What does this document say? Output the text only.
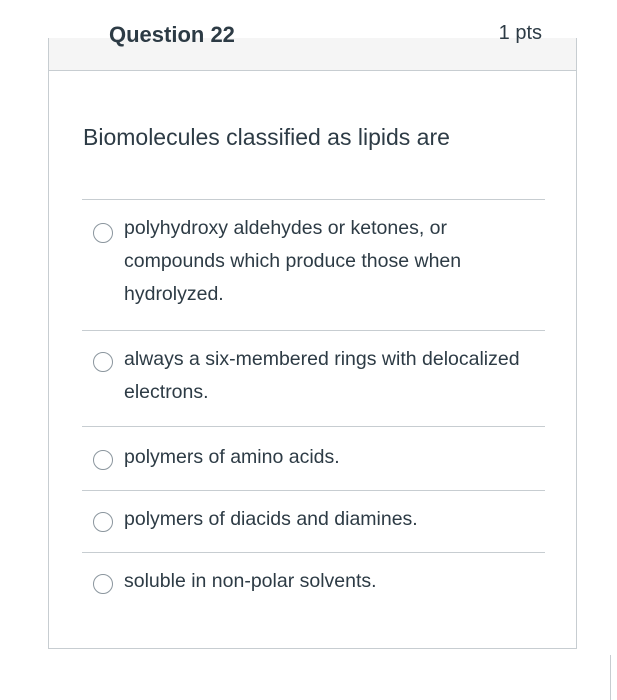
Question 22	1 pts
Biomolecules classified as lipids are
polyhydroxy aldehydes or ketones, or compounds which produce those when hydrolyzed.
always a six-membered rings with delocalized electrons.
polymers of amino acids.
polymers of diacids and diamines.
soluble in non-polar solvents.
